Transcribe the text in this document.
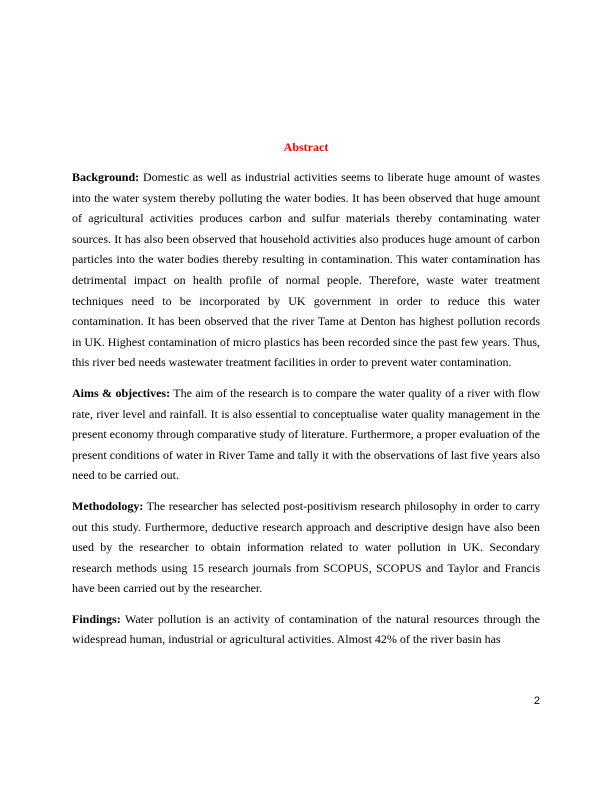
Abstract

Background: Domestic as well as industrial activities seems to liberate huge amount of wastes into the water system thereby polluting the water bodies. It has been observed that huge amount of agricultural activities produces carbon and sulfur materials thereby contaminating water sources. It has also been observed that household activities also produces huge amount of carbon particles into the water bodies thereby resulting in contamination. This water contamination has detrimental impact on health profile of normal people. Therefore, waste water treatment techniques need to be incorporated by UK government in order to reduce this water contamination. It has been observed that the river Tame at Denton has highest pollution records in UK. Highest contamination of micro plastics has been recorded since the past few years. Thus, this river bed needs wastewater treatment facilities in order to prevent water contamination.

Aims & objectives: The aim of the research is to compare the water quality of a river with flow rate, river level and rainfall. It is also essential to conceptualise water quality management in the present economy through comparative study of literature. Furthermore, a proper evaluation of the present conditions of water in River Tame and tally it with the observations of last five years also need to be carried out.

Methodology: The researcher has selected post-positivism research philosophy in order to carry out this study. Furthermore, deductive research approach and descriptive design have also been used by the researcher to obtain information related to water pollution in UK. Secondary research methods using 15 research journals from SCOPUS, SCOPUS and Taylor and Francis have been carried out by the researcher.

Findings: Water pollution is an activity of contamination of the natural resources through the widespread human, industrial or agricultural activities. Almost 42% of the river basin has

2
